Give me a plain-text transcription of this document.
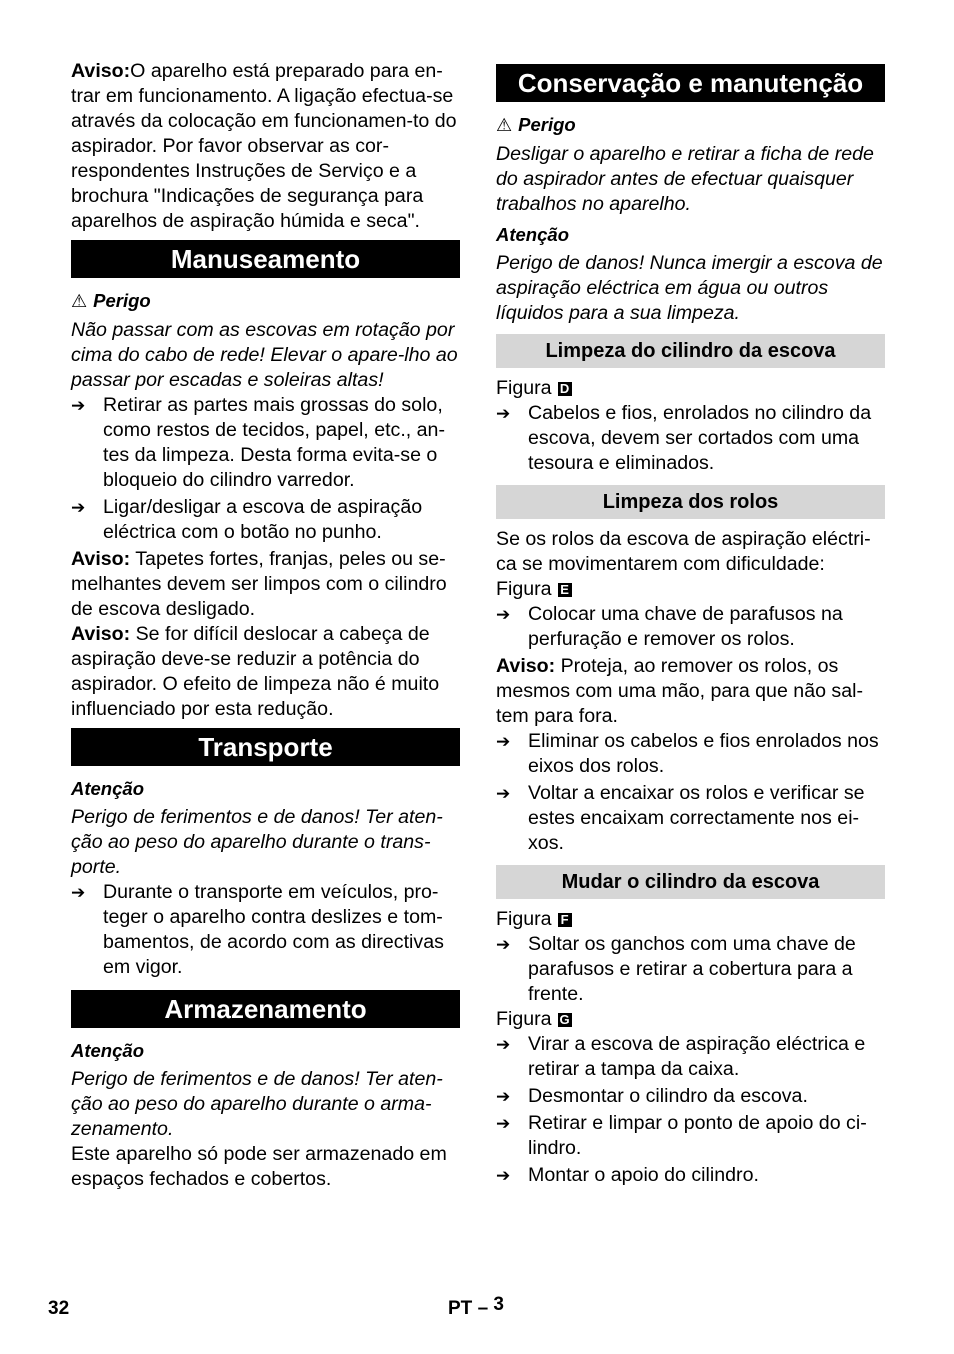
Aviso:O aparelho está preparado para en-trar em funcionamento. A ligação efectua-se através da colocação em funcionamen-to do aspirador. Por favor observar as cor-respondentes Instruções de Serviço e a brochura "Indicações de segurança para aparelhos de aspiração húmida e seca".

Manuseamento

⚠ Perigo

Não passar com as escovas em rotação por cima do cabo de rede! Elevar o apare-lho ao passar por escadas e soleiras altas!

➔ Retirar as partes mais grossas do solo, como restos de tecidos, papel, etc., an-tes da limpeza. Desta forma evita-se o bloqueio do cilindro varredor.
➔ Ligar/desligar a escova de aspiração eléctrica com o botão no punho.

Aviso: Tapetes fortes, franjas, peles ou se-melhantes devem ser limpos com o cilindro de escova desligado.

Aviso: Se for difícil deslocar a cabeça de aspiração deve-se reduzir a potência do aspirador. O efeito de limpeza não é muito influenciado por esta redução.

Transporte

Atenção

Perigo de ferimentos e de danos! Ter aten-ção ao peso do aparelho durante o trans-porte.

➔ Durante o transporte em veículos, pro-teger o aparelho contra deslizes e tom-bamentos, de acordo com as directivas em vigor.
Armazenamento

Atenção

Perigo de ferimentos e de danos! Ter aten-ção ao peso do aparelho durante o arma-zenamento.

Este aparelho só pode ser armazenado em espaços fechados e cobertos.

Conservação e manutenção

⚠ Perigo

Desligar o aparelho e retirar a ficha de rede do aspirador antes de efectuar quaisquer trabalhos no aparelho.

Atenção

Perigo de danos! Nunca imergir a escova de aspiração eléctrica em água ou outros líquidos para a sua limpeza.

Limpeza do cilindro da escova

Figura D

➔ Cabelos e fios, enrolados no cilindro da escova, devem ser cortados com uma tesoura e eliminados.
Limpeza dos rolos

Se os rolos da escova de aspiração eléctri-ca se movimentarem com dificuldade:

Figura E

➔ Colocar uma chave de parafusos na perfuração e remover os rolos.

Aviso: Proteja, ao remover os rolos, os mesmos com uma mão, para que não sal-tem para fora.

➔ Eliminar os cabelos e fios enrolados nos eixos dos rolos.
➔ Voltar a encaixar os rolos e verificar se estes encaixam correctamente nos ei-xos.
Mudar o cilindro da escova

Figura F

➔ Soltar os ganchos com uma chave de parafusos e retirar a cobertura para a frente.

Figura G

➔ Virar a escova de aspiração eléctrica e retirar a tampa da caixa.
➔ Desmontar o cilindro da escova.
➔ Retirar e limpar o ponto de apoio do ci-lindro.
➔ Montar o apoio do cilindro.
32	PT – 3
